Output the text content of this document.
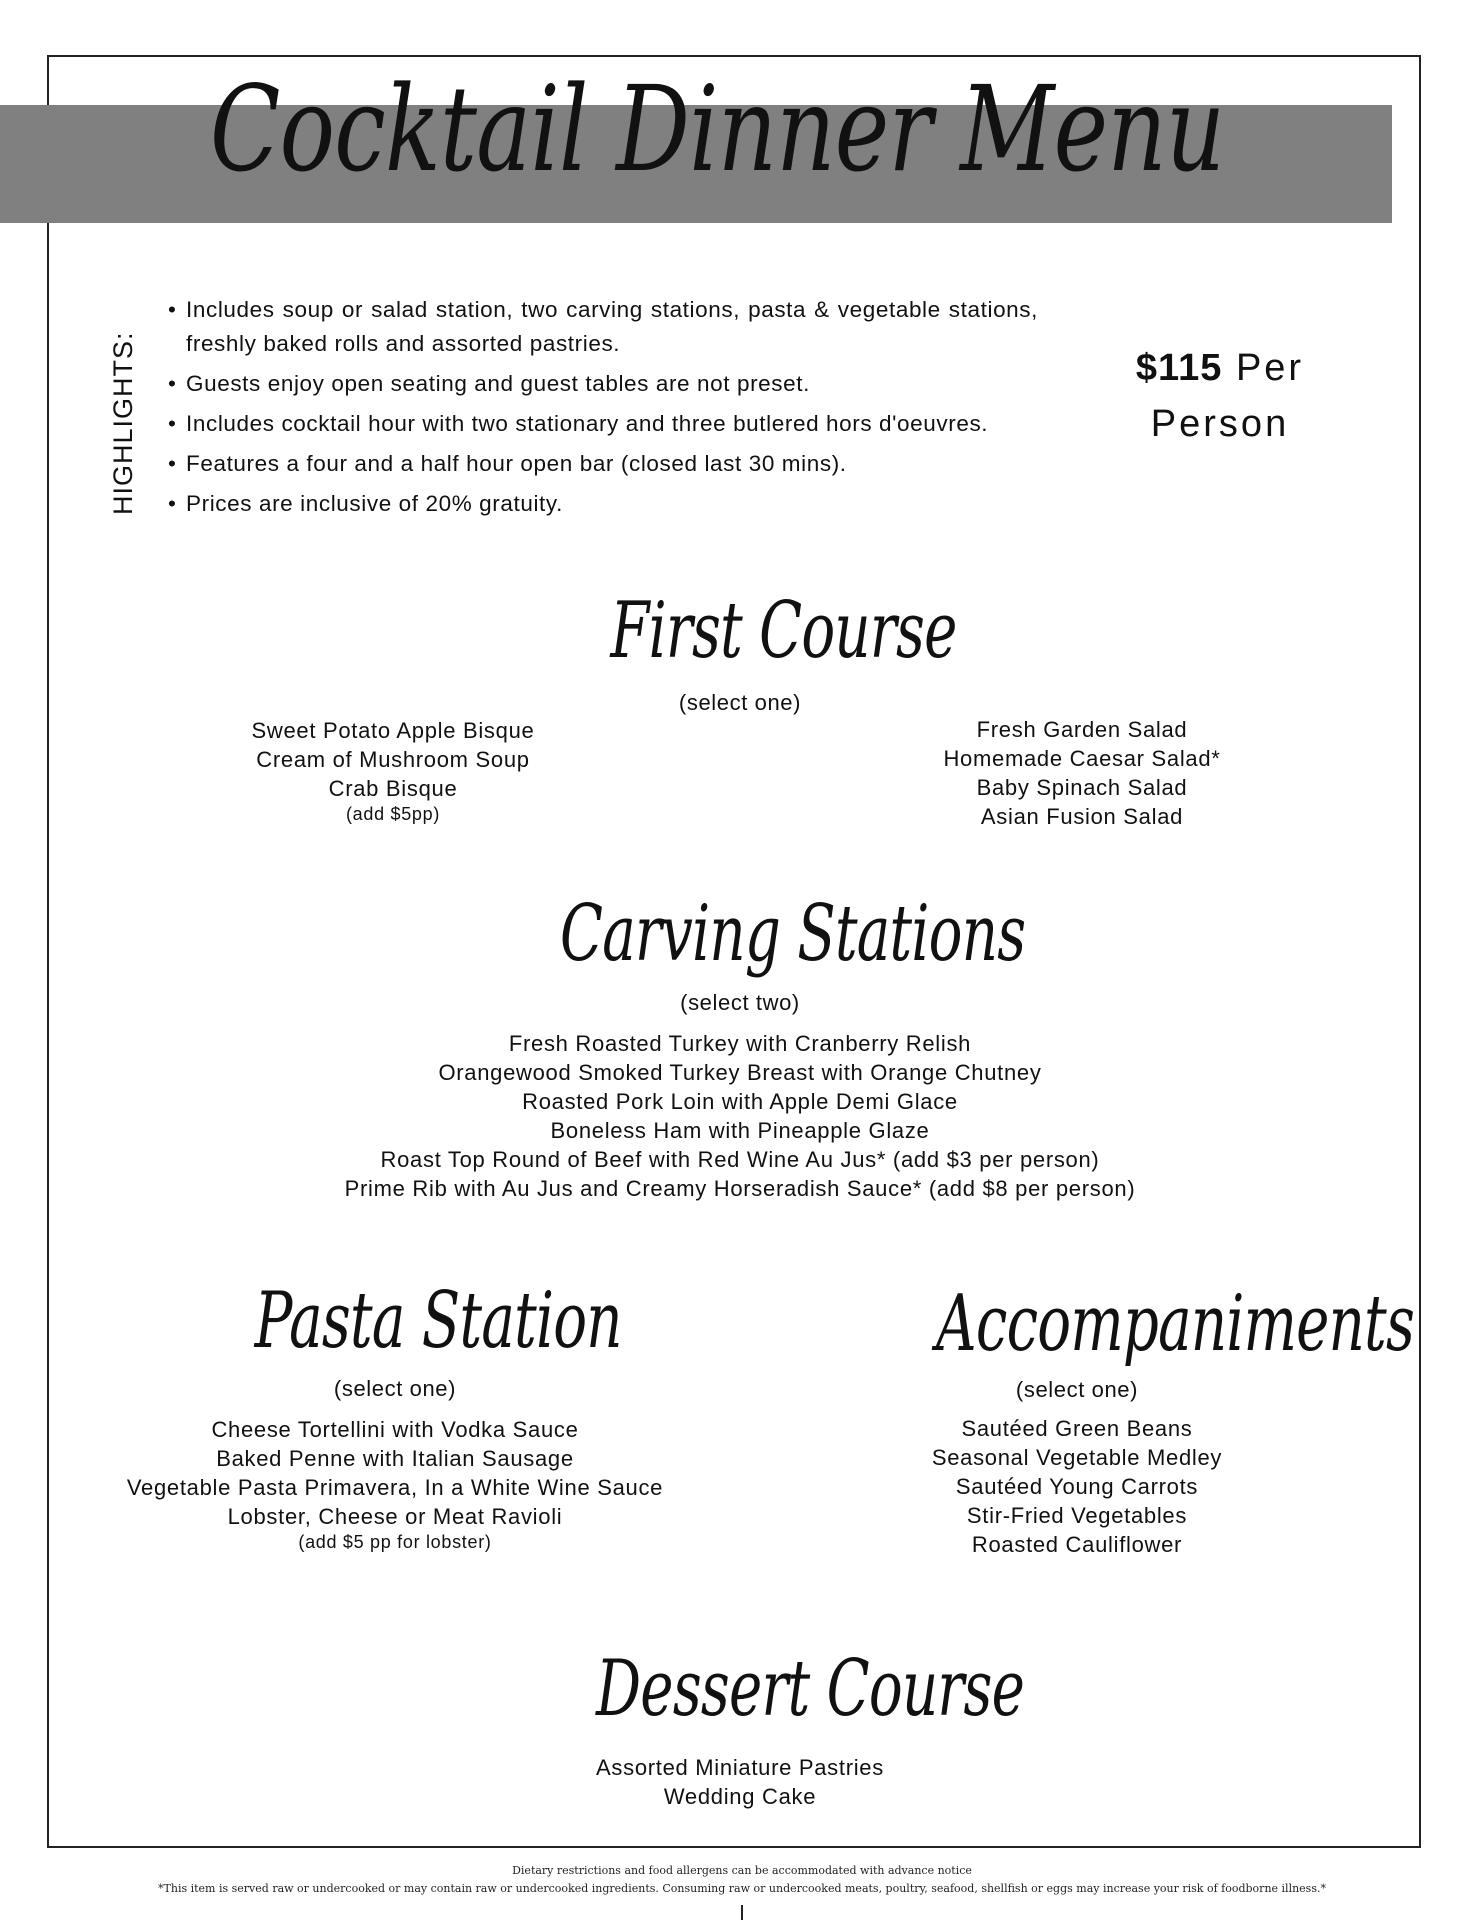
Cocktail Dinner Menu
HIGHLIGHTS:
• Includes soup or salad station, two carving stations, pasta & vegetable stations, freshly baked rolls and assorted pastries.
• Guests enjoy open seating and guest tables are not preset.
• Includes cocktail hour with two stationary and three butlered hors d'oeuvres.
• Features a four and a half hour open bar (closed last 30 mins).
• Prices are inclusive of 20% gratuity.
$115 Per
Person
First Course
(select one)
Sweet Potato Apple Bisque
Cream of Mushroom Soup
Crab Bisque
(add $5pp)
Fresh Garden Salad
Homemade Caesar Salad*
Baby Spinach Salad
Asian Fusion Salad
Carving Stations
(select two)
Fresh Roasted Turkey with Cranberry Relish
Orangewood Smoked Turkey Breast with Orange Chutney
Roasted Pork Loin with Apple Demi Glace
Boneless Ham with Pineapple Glaze
Roast Top Round of Beef with Red Wine Au Jus* (add $3 per person)
Prime Rib with Au Jus and Creamy Horseradish Sauce* (add $8 per person)
Pasta Station
(select one)
Cheese Tortellini with Vodka Sauce
Baked Penne with Italian Sausage
Vegetable Pasta Primavera, In a White Wine Sauce
Lobster, Cheese or Meat Ravioli
(add $5 pp for lobster)
Accompaniments
(select one)
Sautéed Green Beans
Seasonal Vegetable Medley
Sautéed Young Carrots
Stir-Fried Vegetables
Roasted Cauliflower
Dessert Course
Assorted Miniature Pastries
Wedding Cake
Dietary restrictions and food allergens can be accommodated with advance notice
*This item is served raw or undercooked or may contain raw or undercooked ingredients. Consuming raw or undercooked meats, poultry, seafood, shellfish or eggs may increase your risk of foodborne illness.*
